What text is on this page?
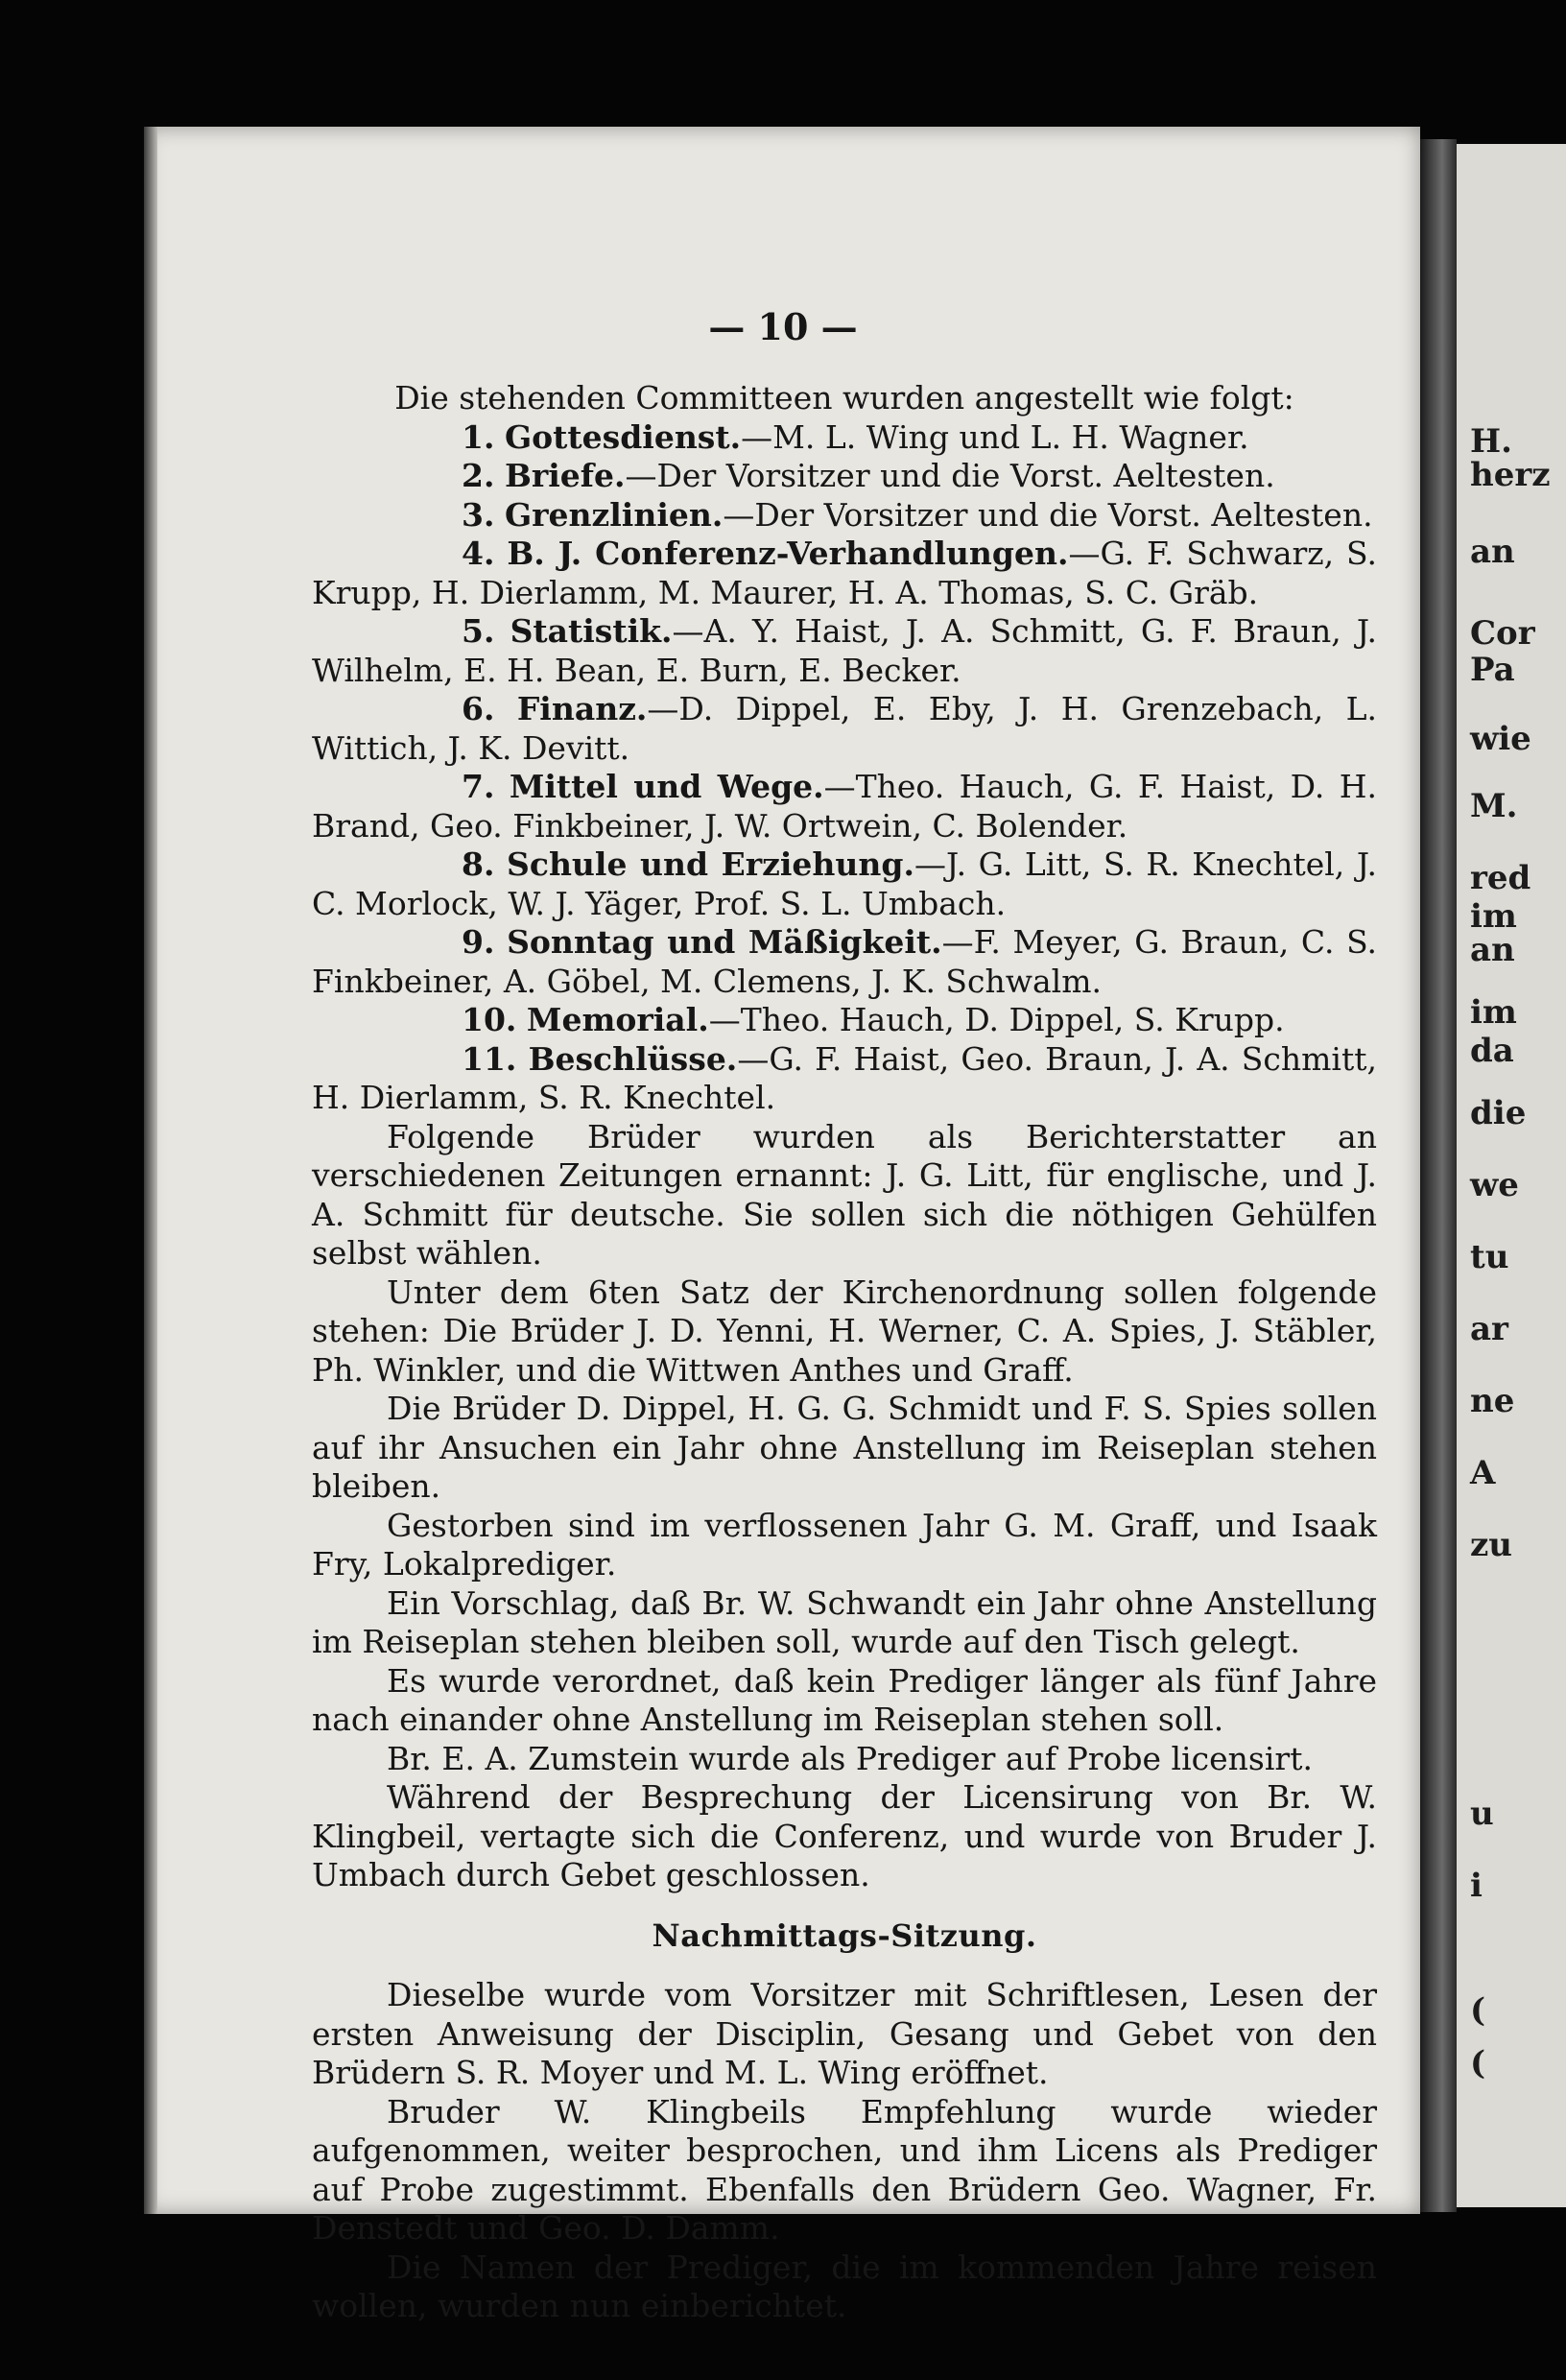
H.
herz
an
Cor
Pa
wie
M.
red
im
an
im
da
die
we
tu
ar
ne
A
zu
u
i
(
(
— 10 —

Die stehenden Committeen wurden angestellt wie folgt:

1. Gottesdienst.—M. L. Wing und L. H. Wagner.

2. Briefe.—Der Vorsitzer und die Vorst. Aeltesten.

3. Grenzlinien.—Der Vorsitzer und die Vorst. Aeltesten.

4. B. J. Conferenz-Verhandlungen.—G. F. Schwarz, S. Krupp, H. Dierlamm, M. Maurer, H. A. Thomas, S. C. Gräb.

5. Statistik.—A. Y. Haist, J. A. Schmitt, G. F. Braun, J. Wilhelm, E. H. Bean, E. Burn, E. Becker.

6. Finanz.—D. Dippel, E. Eby, J. H. Grenzebach, L. Wittich, J. K. Devitt.

7. Mittel und Wege.—Theo. Hauch, G. F. Haist, D. H. Brand, Geo. Finkbeiner, J. W. Ortwein, C. Bolender.

8. Schule und Erziehung.—J. G. Litt, S. R. Knechtel, J. C. Morlock, W. J. Yäger, Prof. S. L. Umbach.

9. Sonntag und Mäßigkeit.—F. Meyer, G. Braun, C. S. Finkbeiner, A. Göbel, M. Clemens, J. K. Schwalm.

10. Memorial.—Theo. Hauch, D. Dippel, S. Krupp.

11. Beschlüsse.—G. F. Haist, Geo. Braun, J. A. Schmitt, H. Dierlamm, S. R. Knechtel.

Folgende Brüder wurden als Berichterstatter an verschiedenen Zeitungen ernannt: J. G. Litt, für englische, und J. A. Schmitt für deutsche. Sie sollen sich die nöthigen Gehülfen selbst wählen.

Unter dem 6ten Satz der Kirchenordnung sollen folgende stehen: Die Brüder J. D. Yenni, H. Werner, C. A. Spies, J. Stäbler, Ph. Winkler, und die Wittwen Anthes und Graff.

Die Brüder D. Dippel, H. G. G. Schmidt und F. S. Spies sollen auf ihr Ansuchen ein Jahr ohne Anstellung im Reiseplan stehen bleiben.

Gestorben sind im verflossenen Jahr G. M. Graff, und Isaak Fry, Lokalprediger.

Ein Vorschlag, daß Br. W. Schwandt ein Jahr ohne Anstellung im Reiseplan stehen bleiben soll, wurde auf den Tisch gelegt.

Es wurde verordnet, daß kein Prediger länger als fünf Jahre nach einander ohne Anstellung im Reiseplan stehen soll.

Br. E. A. Zumstein wurde als Prediger auf Probe licensirt.

Während der Besprechung der Licensirung von Br. W. Klingbeil, vertagte sich die Conferenz, und wurde von Bruder J. Umbach durch Gebet geschlossen.

Nachmittags-Sitzung.

Dieselbe wurde vom Vorsitzer mit Schriftlesen, Lesen der ersten Anweisung der Disciplin, Gesang und Gebet von den Brüdern S. R. Moyer und M. L. Wing eröffnet.

Bruder W. Klingbeils Empfehlung wurde wieder aufgenommen, weiter besprochen, und ihm Licens als Prediger auf Probe zugestimmt. Ebenfalls den Brüdern Geo. Wagner, Fr. Denstedt und Geo. D. Damm.

Die Namen der Prediger, die im kommenden Jahre reisen wollen, wurden nun einberichtet.
